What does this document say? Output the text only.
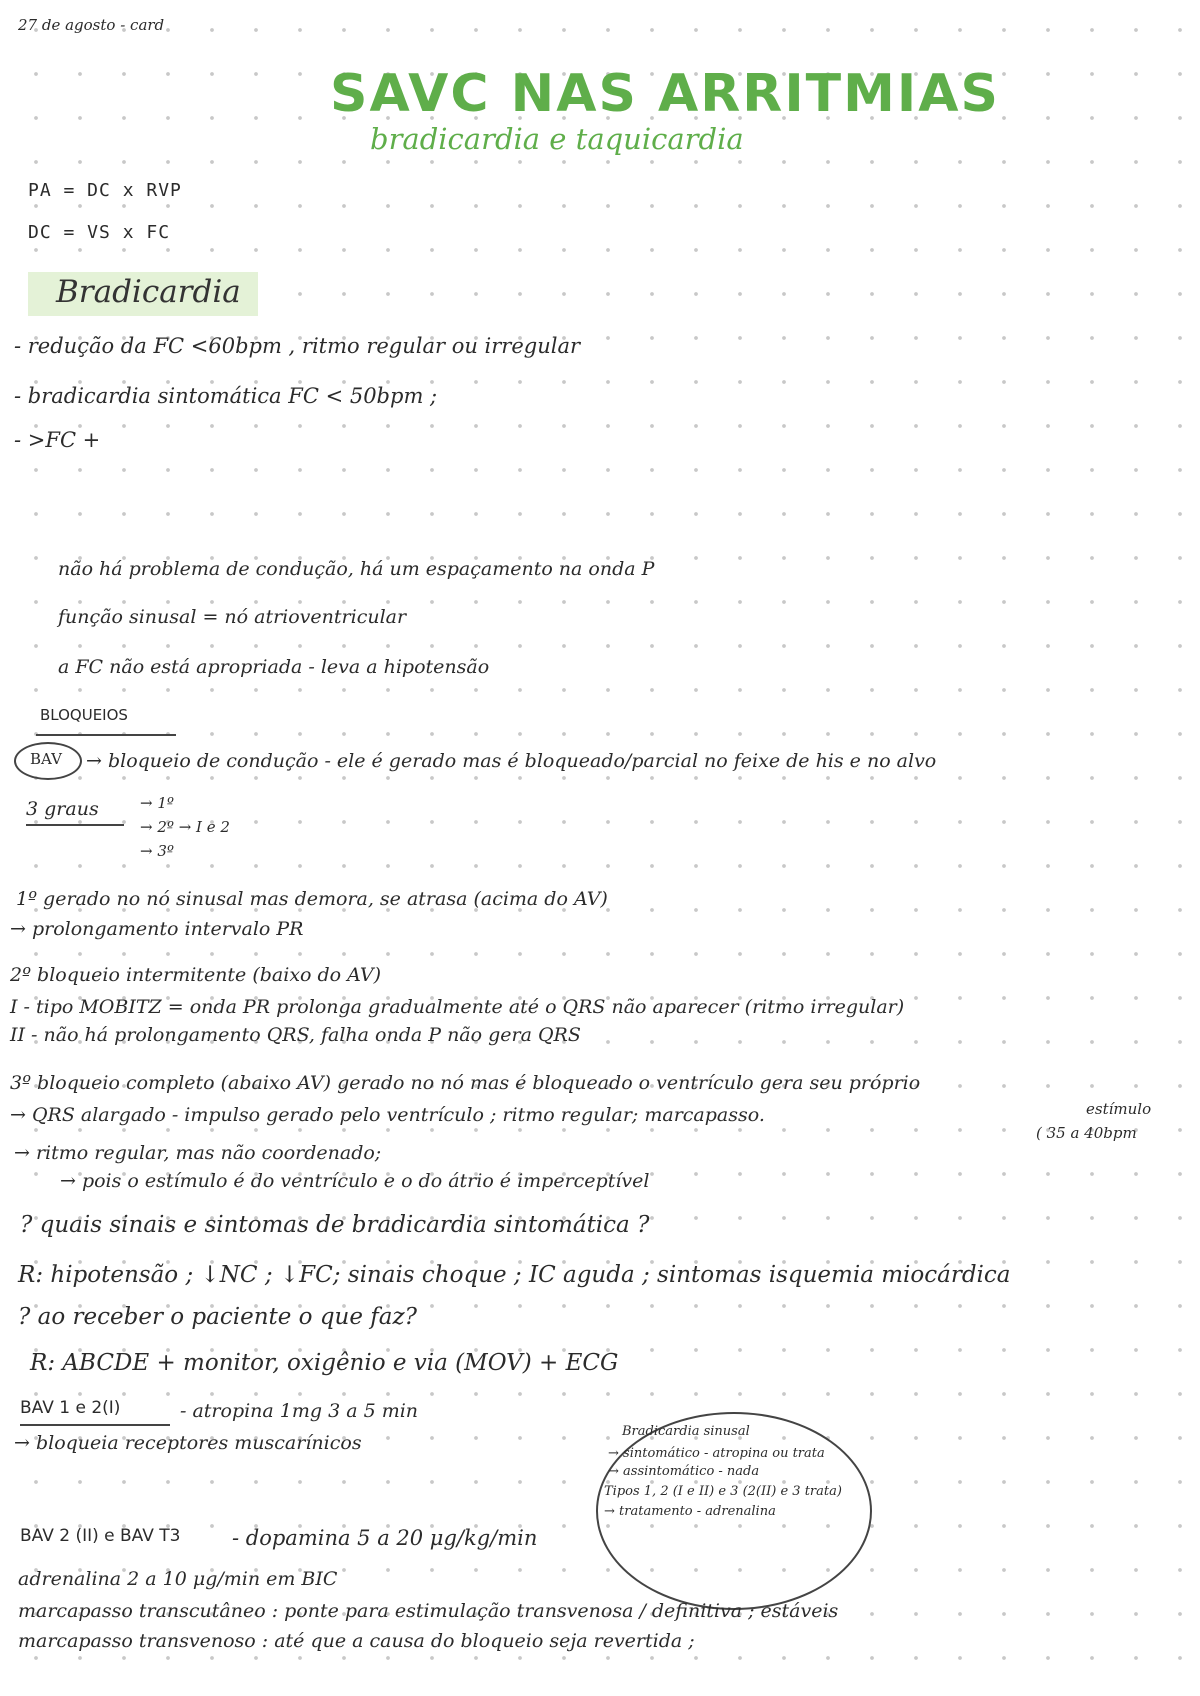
27 de agosto - card
SAVC NAS ARRITMIAS
bradicardia e taquicardia
PA = DC x RVP
DC = VS x FC
Bradicardia
- redução da FC <60bpm , ritmo regular ou irregular
- bradicardia sintomática FC < 50bpm ;
- >FC +
não há problema de condução, há um espaçamento na onda P
função sinusal = nó atrioventricular
a FC não está apropriada - leva a hipotensão
BLOQUEIOS
BAV → bloqueio de condução - ele é gerado mas é bloqueado/parcial no feixe de his e no alvo
3 graus	→ 1º
→ 2º → I e 2
→ 3º
1º gerado no nó sinusal mas demora, se atrasa (acima do AV)
→ prolongamento intervalo PR
2º bloqueio intermitente (baixo do AV)
I - tipo MOBITZ = onda PR prolonga gradualmente até o QRS não aparecer (ritmo irregular)
II - não há prolongamento QRS, falha onda P não gera QRS
3º bloqueio completo (abaixo AV) gerado no nó mas é bloqueado o ventrículo gera seu próprio
→ QRS alargado - impulso gerado pelo ventrículo ; ritmo regular; marcapasso.	estímulo
( 35 a 40bpm
→ ritmo regular, mas não coordenado;
→ pois o estímulo é do ventrículo e o do átrio é imperceptível
? quais sinais e sintomas de bradicardia sintomática ?
R: hipotensão ; ↓NC ; ↓FC; sinais choque ; IC aguda ; sintomas isquemia miocárdica
? ao receber o paciente o que faz?
R: ABCDE + monitor, oxigênio e via (MOV) + ECG
BAV 1 e 2(I)	- atropina 1mg 3 a 5 min
→ bloqueia receptores muscarínicos
Bradicardia sinusal
→ sintomático - atropina ou trata
→ assintomático - nada
Tipos 1, 2 (I e II) e 3 (2(II) e 3 trata)
→ tratamento - adrenalina
BAV 2 (II) e BAV T3 - dopamina 5 a 20 μg/kg/min
adrenalina 2 a 10 μg/min em BIC
marcapasso transcutâneo : ponte para estimulação transvenosa / definitiva ; estáveis
marcapasso transvenoso : até que a causa do bloqueio seja revertida ;
